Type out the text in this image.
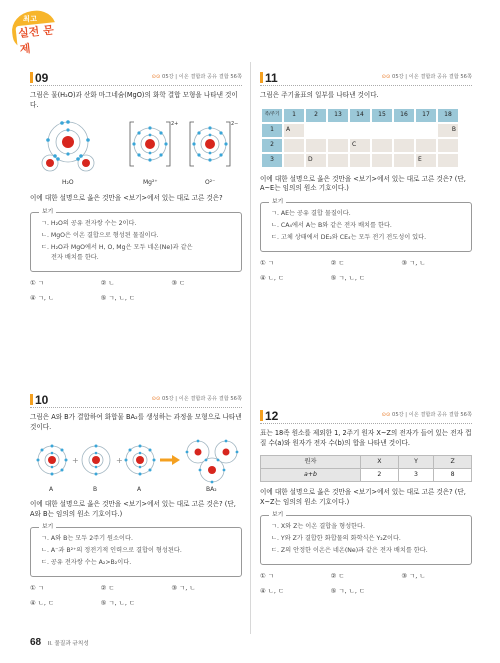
최고
실전 문제
09	⊙⊙ 05강 | 이온 결합과 공유 결합 56쪽
그림은 물(H₂O)과 산화 마그네슘(MgO)의 화학 결합 모형을 나타낸 것이다.
2+	2−
H₂O	Mg²⁺	O²⁻
이에 대한 설명으로 옳은 것만을 <보기>에서 있는 대로 고른 것은?
보기
ㄱ. H₂O의 공유 전자쌍 수는 2이다.
ㄴ. MgO은 이온 결합으로 형성된 물질이다.
ㄷ. H₂O과 MgO에서 H, O, Mg은 모두 네온(Ne)과 같은
전자 배치를 한다.
① ㄱ	② ㄴ	③ ㄷ
④ ㄱ, ㄴ	⑤ ㄱ, ㄴ, ㄷ
11	⊙⊙ 05강 | 이온 결합과 공유 결합 56쪽
그림은 주기율표의 일부를 나타낸 것이다.
족/주기	1	2	13	14	15	16	17	18
1	A							B
2				C				
3		D					E	
이에 대한 설명으로 옳은 것만을 <보기>에서 있는 대로 고른 것은? (단, A~E는 임의의 원소 기호이다.)
보기
ㄱ. AE는 공유 결합 물질이다.
ㄴ. CA₄에서 A는 B와 같은 전자 배치를 한다.
ㄷ. 고체 상태에서 DE₂와 CE₄는 모두 전기 전도성이 있다.
① ㄱ	② ㄷ	③ ㄱ, ㄴ
④ ㄴ, ㄷ	⑤ ㄱ, ㄴ, ㄷ
10	⊙⊙ 05강 | 이온 결합과 공유 결합 56쪽
그림은 A와 B가 결합하여 화합물 BA₂를 생성하는 과정을 모형으로 나타낸 것이다.
+	+
A	B	A	BA₂
이에 대한 설명으로 옳은 것만을 <보기>에서 있는 대로 고른 것은? (단, A와 B는 임의의 원소 기호이다.)
보기
ㄱ. A와 B는 모두 2주기 원소이다.
ㄴ. A⁻과 B²⁺의 정전기적 인력으로 결합이 형성된다.
ㄷ. 공유 전자쌍 수는 A₂>B₂이다.
① ㄱ	② ㄷ	③ ㄱ, ㄴ
④ ㄴ, ㄷ	⑤ ㄱ, ㄴ, ㄷ
12	⊙⊙ 05강 | 이온 결합과 공유 결합 56쪽
표는 18족 원소를 제외한 1, 2주기 원자 X~Z의 전자가 들어 있는 전자 껍질 수(a)와 원자가 전자 수(b)의 합을 나타낸 것이다.
원자	X	Y	Z
a+b	2	3	8
이에 대한 설명으로 옳은 것만을 <보기>에서 있는 대로 고른 것은? (단, X~Z는 임의의 원소 기호이다.)
보기
ㄱ. X와 Z는 이온 결합을 형성한다.
ㄴ. Y와 Z가 결합한 화합물의 화학식은 Y₂Z이다.
ㄷ. Z의 안정한 이온은 네온(Ne)과 같은 전자 배치를 한다.
① ㄱ	② ㄷ	③ ㄱ, ㄴ
④ ㄴ, ㄷ	⑤ ㄱ, ㄴ, ㄷ
68 II. 물질과 규칙성
